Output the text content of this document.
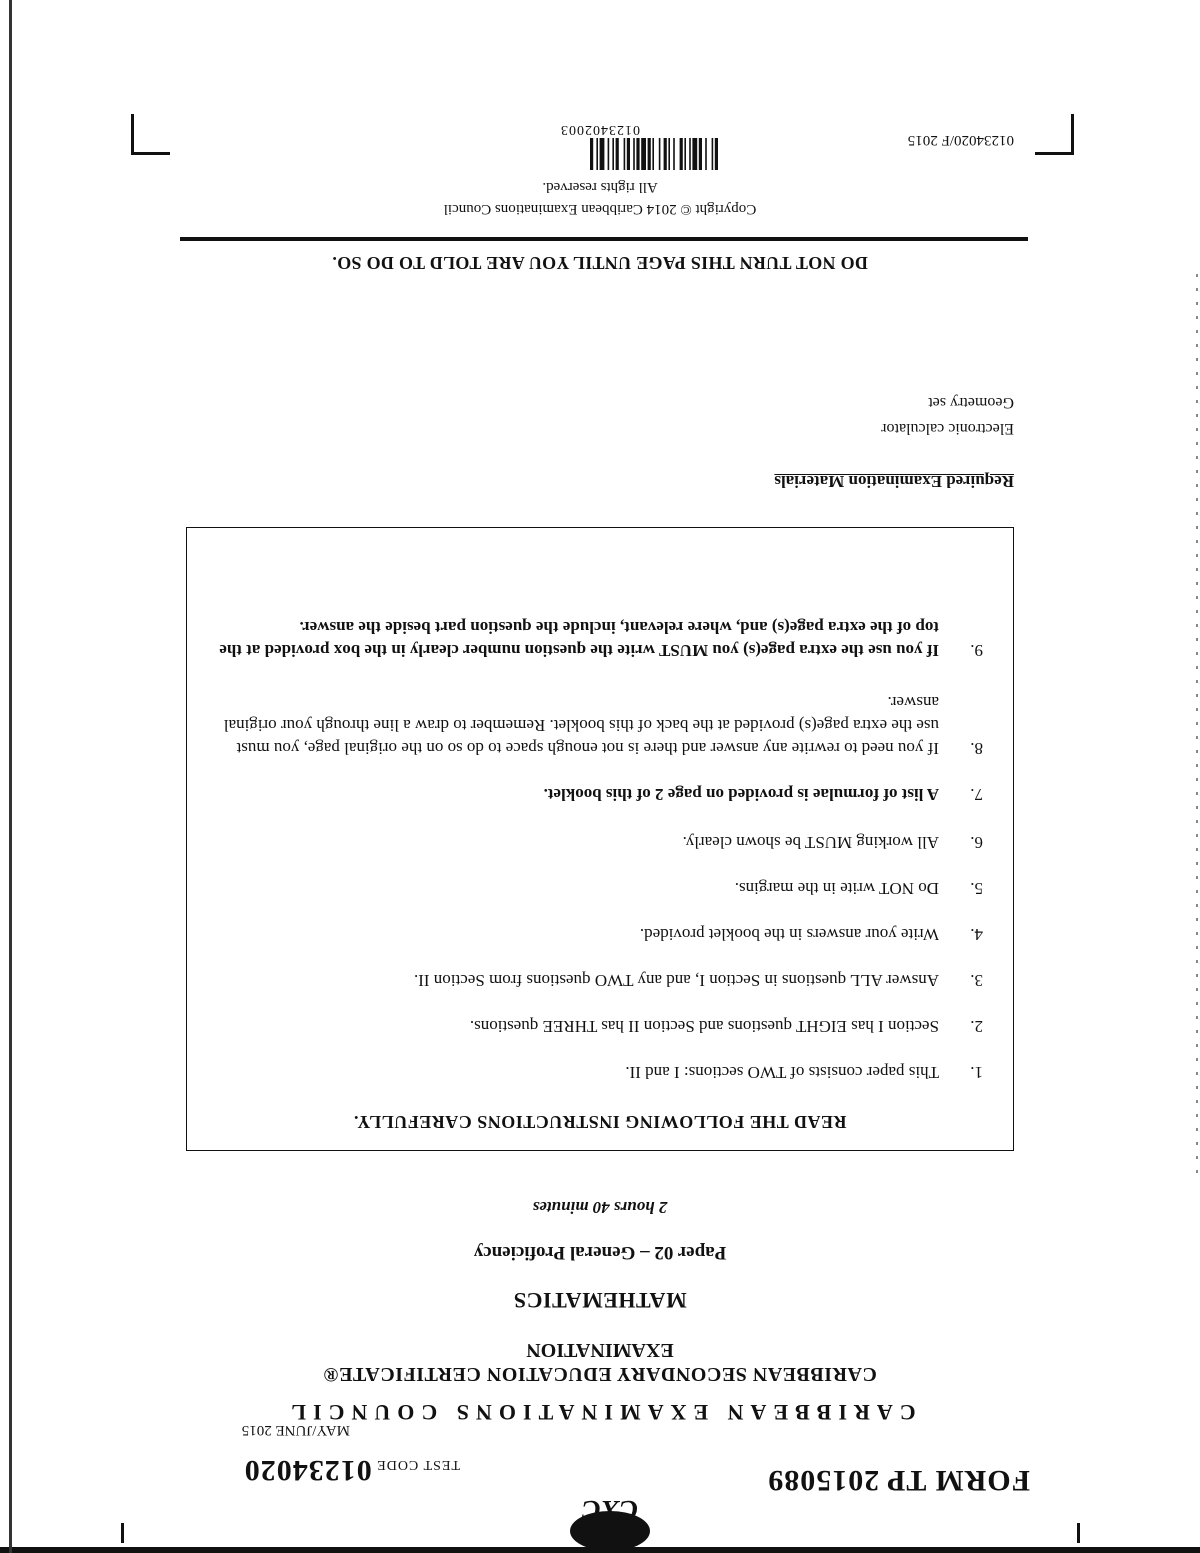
FORM TP 2015089
CXC
TEST CODE 01234020
MAY/JUNE 2015
CARIBBEAN EXAMINATIONS COUNCIL
CARIBBEAN SECONDARY EDUCATION CERTIFICATE®
EXAMINATION
MATHEMATICS
Paper 02 – General Proficiency
2 hours 40 minutes
READ THE FOLLOWING INSTRUCTIONS CAREFULLY.
1.
This paper consists of TWO sections: I and II.
2.
Section I has EIGHT questions and Section II has THREE questions.
3.
Answer ALL questions in Section I, and any TWO questions from Section II.
4.
Write your answers in the booklet provided.
5.
Do NOT write in the margins.
6.
All working MUST be shown clearly.
7.
A list of formulae is provided on page 2 of this booklet.
8.
If you need to rewrite any answer and there is not enough space to do so on the original page, you must use the extra page(s) provided at the back of this booklet. Remember to draw a line through your original answer.
9.
If you use the extra page(s) you MUST write the question number clearly in the box provided at the top of the extra page(s) and, where relevant, include the question part beside the answer.
Required Examination Materials
Electronic calculator
Geometry set
DO NOT TURN THIS PAGE UNTIL YOU ARE TOLD TO DO SO.
Copyright © 2014 Caribbean Examinations Council
All rights reserved.
0123402003
01234020/F 2015
